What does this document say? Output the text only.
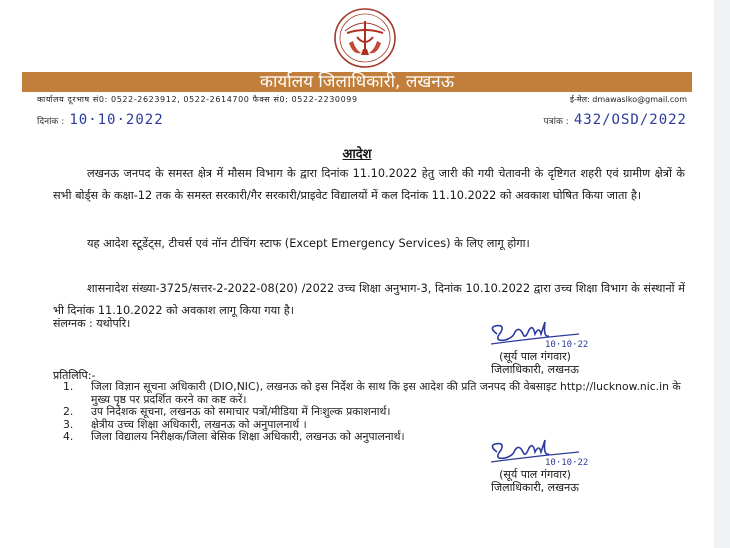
कार्यालय जिलाधिकारी, लखनऊ
कार्यालय दूरभाष सं0: 0522-2623912, 0522-2614700 फैक्स सं0: 0522-2230099	ई-मेल: dmawaslko@gmail.com
दिनांक : 10·10·2022	पत्रांक : 432/OSD/2022
आदेश
लखनऊ जनपद के समस्त क्षेत्र में मौसम विभाग के द्वारा दिनांक 11.10.2022 हेतु जारी की गयी चेतावनी के दृष्टिगत शहरी एवं ग्रामीण क्षेत्रों के सभी बोर्ड्स के कक्षा-12 तक के समस्त सरकारी/गैर सरकारी/प्राइवेट विद्यालयों में कल दिनांक 11.10.2022 को अवकाश घोषित किया जाता है।
यह आदेश स्टूडेंट्स, टीचर्स एवं नॉन टीचिंग स्टाफ (Except Emergency Services) के लिए लागू होगा।
शासनादेश संख्या-3725/सत्तर-2-2022-08(20) /2022 उच्च शिक्षा अनुभाग-3, दिनांक 10.10.2022 द्वारा उच्च शिक्षा विभाग के संस्थानों में भी दिनांक 11.10.2022 को अवकाश लागू किया गया है।
संलग्नक : यथोपरि।
10·10·22
(सूर्य पाल गंगवार)
जिलाधिकारी, लखनऊ
प्रतिलिपि:-
1.	जिला विज्ञान सूचना अधिकारी (DIO,NIC), लखनऊ को इस निर्देश के साथ कि इस आदेश की प्रति जनपद की वेबसाइट http://lucknow.nic.in के मुख्य पृष्ठ पर प्रदर्शित करने का कष्ट करें।
2.	उप निदेशक सूचना, लखनऊ को समाचार पत्रों/मीडिया में निःशुल्क प्रकाशनार्थ।
3.	क्षेत्रीय उच्च शिक्षा अधिकारी, लखनऊ को अनुपालनार्थ ।
4.	जिला विद्यालय निरीक्षक/जिला बेसिक शिक्षा अधिकारी, लखनऊ को अनुपालनार्थ।
10·10·22
(सूर्य पाल गंगवार)
जिलाधिकारी, लखनऊ
